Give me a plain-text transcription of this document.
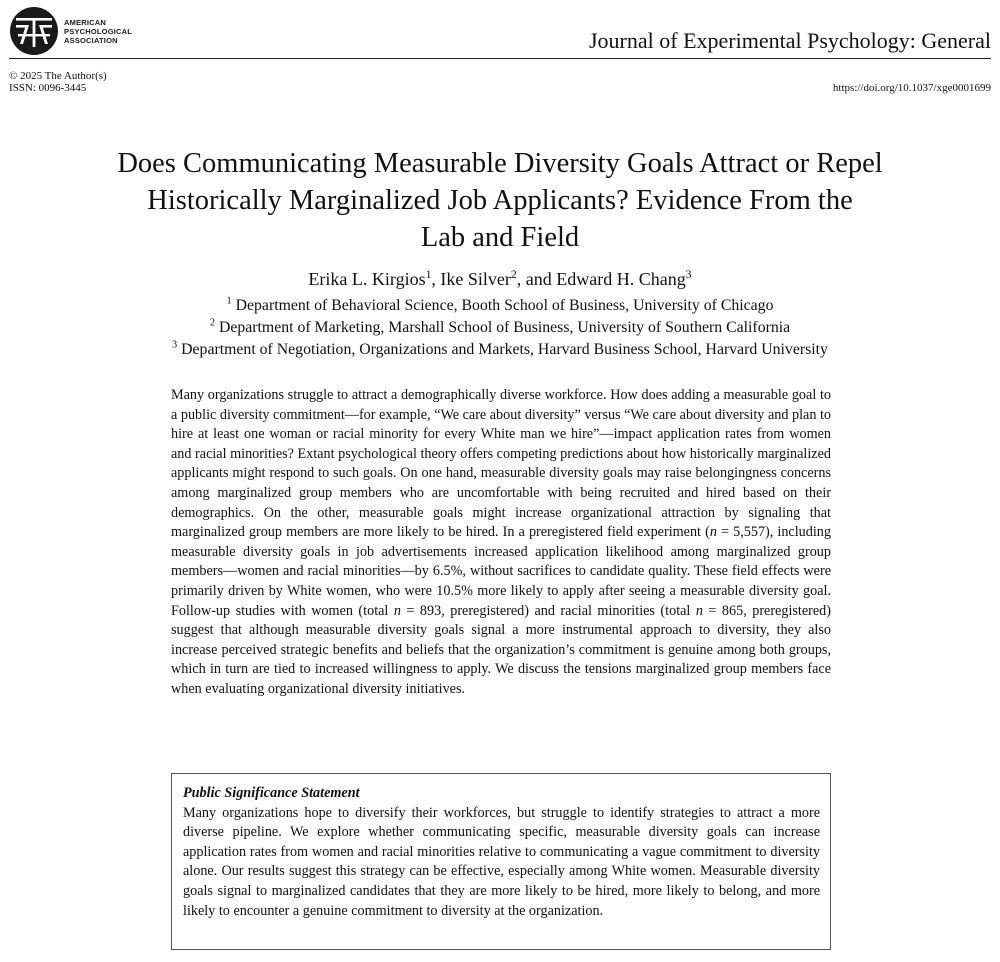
AMERICAN
PSYCHOLOGICAL
ASSOCIATION	Journal of Experimental Psychology: General
© 2025 The Author(s)
ISSN: 0096-3445	https://doi.org/10.1037/xge0001699
Does Communicating Measurable Diversity Goals Attract or Repel
Historically Marginalized Job Applicants? Evidence From the
Lab and Field
Erika L. Kirgios$^1$, Ike Silver$^2$, and Edward H. Chang$^3$
$^1$ Department of Behavioral Science, Booth School of Business, University of Chicago
$^2$ Department of Marketing, Marshall School of Business, University of Southern California
$^3$ Department of Negotiation, Organizations and Markets, Harvard Business School, Harvard University

Many organizations struggle to attract a demographically diverse workforce. How does adding a measurable goal to a public diversity commitment—for example, “We care about diversity” versus “We care about diversity and plan to hire at least one woman or racial minority for every White man we hire”—impact application rates from women and racial minorities? Extant psychological theory offers competing predictions about how historically marginalized applicants might respond to such goals. On one hand, measurable diversity goals may raise belongingness concerns among marginalized group members who are uncomfortable with being recruited and hired based on their demographics. On the other, measurable goals might increase organizational attraction by signaling that marginalized group members are more likely to be hired. In a preregistered field experiment (n = 5,557), including measurable diversity goals in job advertisements increased application likelihood among marginalized group members—women and racial minorities—by 6.5%, without sacrifices to candidate quality. These field effects were primarily driven by White women, who were 10.5% more likely to apply after seeing a measurable diversity goal. Follow-up studies with women (total n = 893, preregistered) and racial minorities (total n = 865, preregistered) suggest that although measurable diversity goals signal a more instrumental approach to diversity, they also increase perceived strategic benefits and beliefs that the organization’s commitment is genuine among both groups, which in turn are tied to increased willingness to apply. We discuss the tensions marginalized group members face when evaluating organizational diversity initiatives.

Public Significance Statement

Many organizations hope to diversify their workforces, but struggle to identify strategies to attract a more diverse pipeline. We explore whether communicating specific, measurable diversity goals can increase application rates from women and racial minorities relative to communicating a vague commitment to diversity alone. Our results suggest this strategy can be effective, especially among White women. Measurable diversity goals signal to marginalized candidates that they are more likely to be hired, more likely to belong, and more likely to encounter a genuine commitment to diversity at the organization.
